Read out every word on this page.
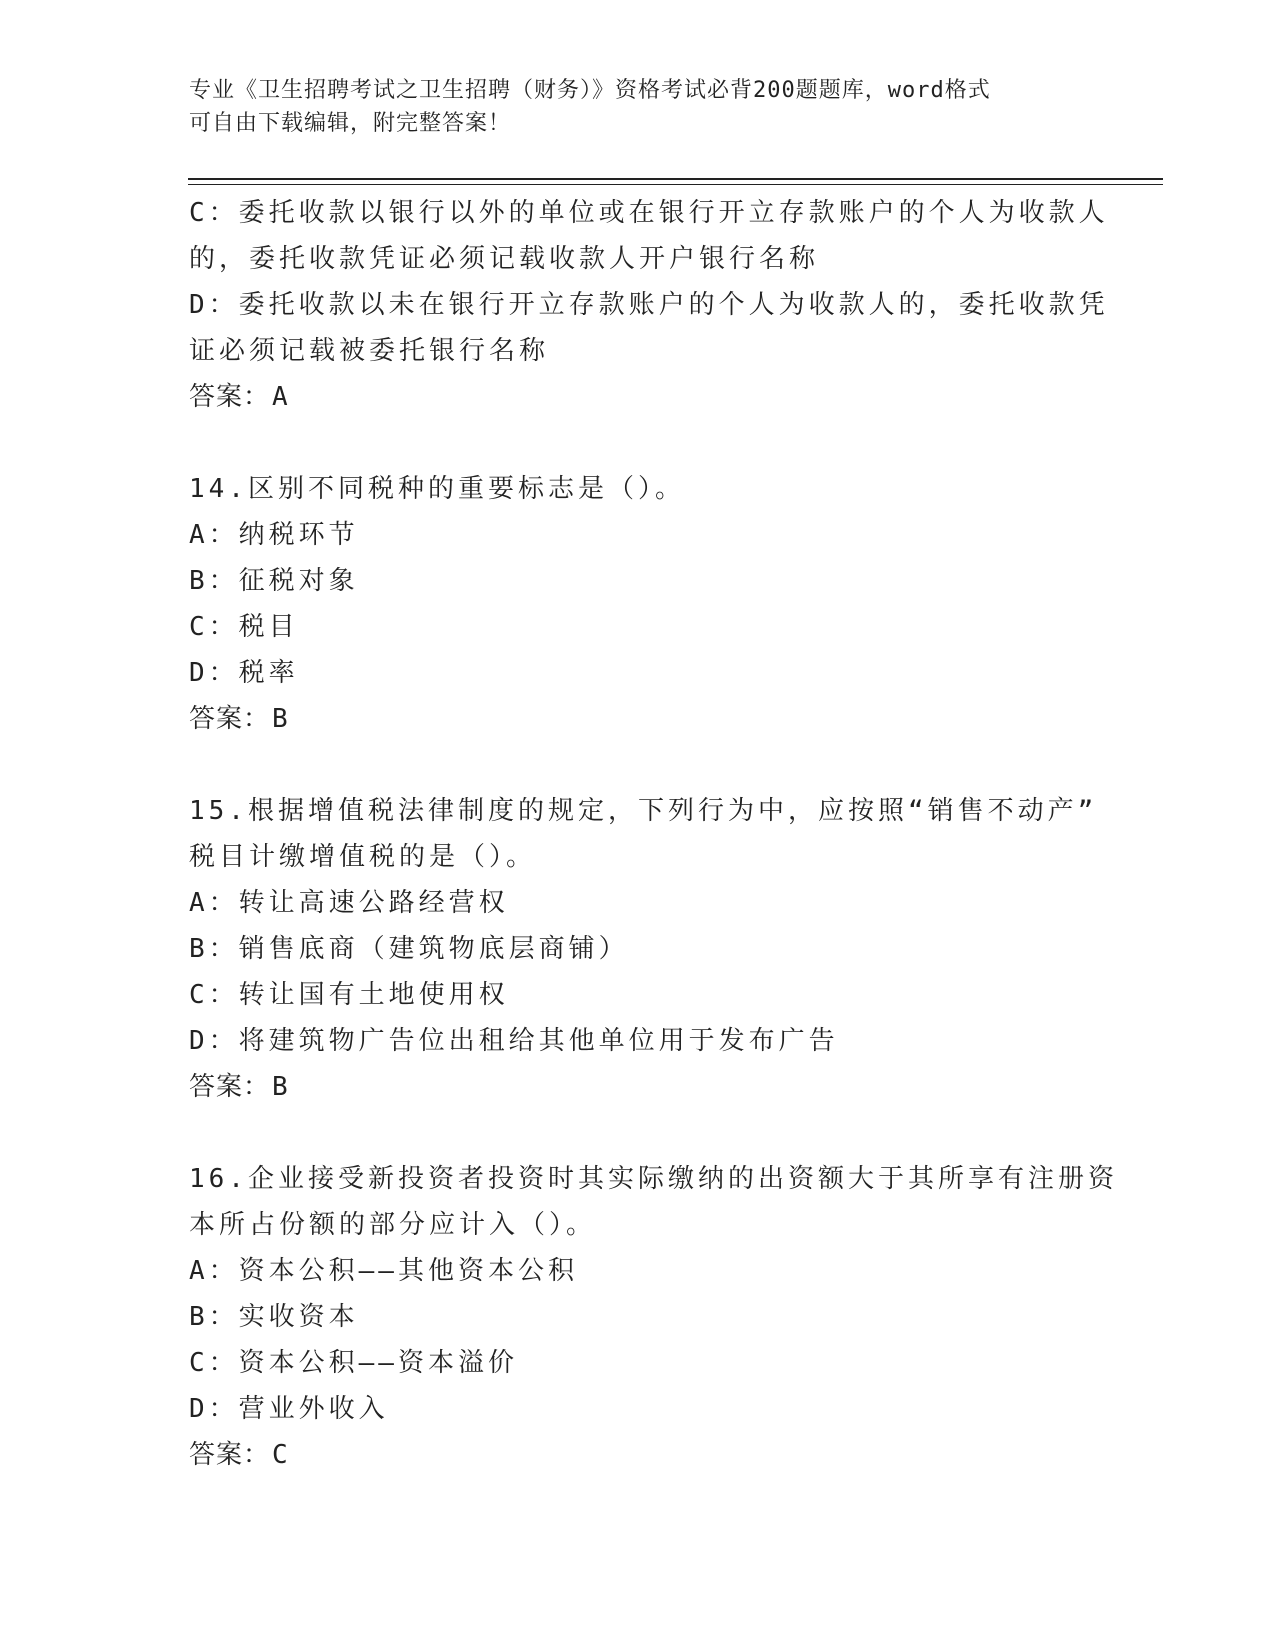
专业《卫生招聘考试之卫生招聘（财务）》资格考试必背200题题库，word格式
可自由下载编辑，附完整答案！
C：委托收款以银行以外的单位或在银行开立存款账户的个人为收款人
的，委托收款凭证必须记载收款人开户银行名称
D：委托收款以未在银行开立存款账户的个人为收款人的，委托收款凭
证必须记载被委托银行名称
答案：A
14.区别不同税种的重要标志是（）。
A：纳税环节
B：征税对象
C：税目
D：税率
答案：B
15.根据增值税法律制度的规定，下列行为中，应按照“销售不动产”
税目计缴增值税的是（）。
A：转让高速公路经营权
B：销售底商（建筑物底层商铺）
C：转让国有土地使用权
D：将建筑物广告位出租给其他单位用于发布广告
答案：B
16.企业接受新投资者投资时其实际缴纳的出资额大于其所享有注册资
本所占份额的部分应计入（）。
A：资本公积——其他资本公积
B：实收资本
C：资本公积——资本溢价
D：营业外收入
答案：C
